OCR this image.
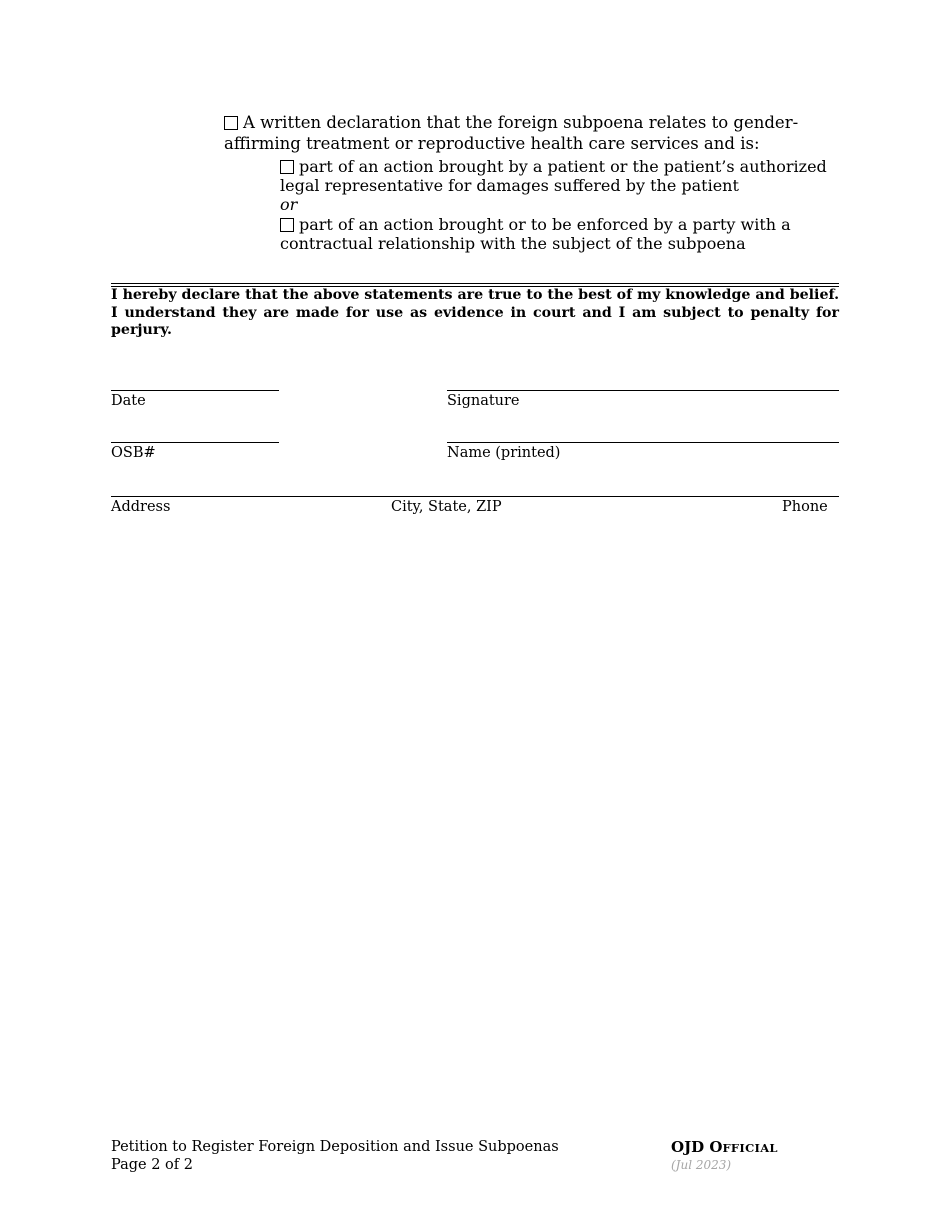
A written declaration that the foreign subpoena relates to gender-affirming treatment or reproductive health care services and is:
part of an action brought by a patient or the patient’s authorized legal representative for damages suffered by the patient
or
part of an action brought or to be enforced by a party with a contractual relationship with the subject of the subpoena
I hereby declare that the above statements are true to the best of my knowledge and belief. I understand they are made for use as evidence in court and I am subject to penalty for perjury.
Date	Signature
OSB#	Name (printed)
Address	City, State, ZIP	Phone
Petition to Register Foreign Deposition and Issue Subpoenas
Page 2 of 2
OJD OFFICIAL
(Jul 2023)
